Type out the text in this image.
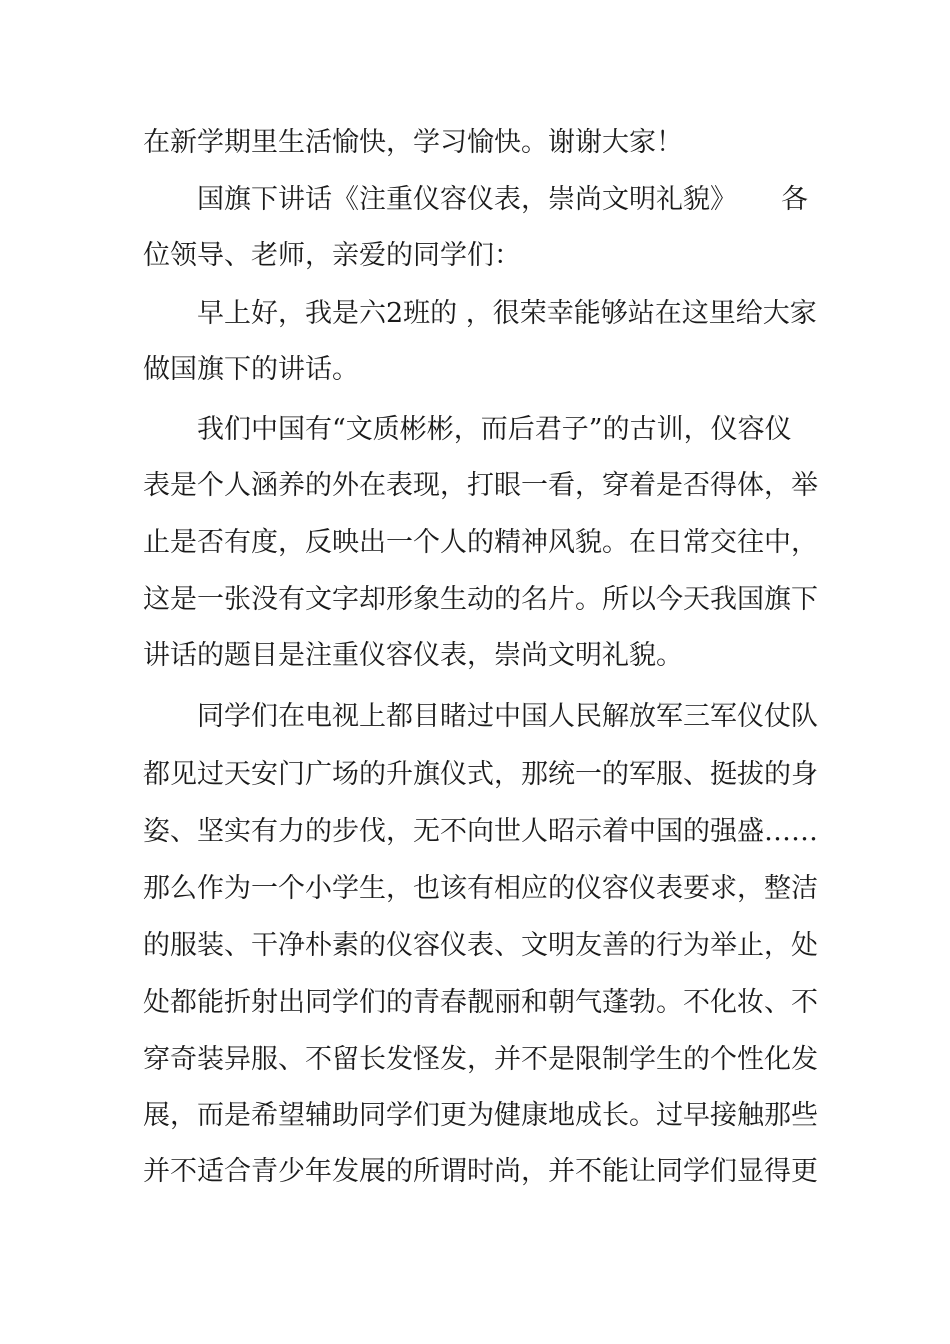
在新学期里生活愉快，学习愉快。谢谢大家！
国旗下讲话《注重仪容仪表，崇尚文明礼貌》 各
位领导、老师，亲爱的同学们：
早上好，我是六2班的 ，很荣幸能够站在这里给大家
做国旗下的讲话。
我们中国有“文质彬彬，而后君子”的古训，仪容仪
表是个人涵养的外在表现，打眼一看，穿着是否得体，举
止是否有度，反映出一个人的精神风貌。在日常交往中，
这是一张没有文字却形象生动的名片。所以今天我国旗下
讲话的题目是注重仪容仪表，崇尚文明礼貌。
同学们在电视上都目睹过中国人民解放军三军仪仗队
都见过天安门广场的升旗仪式，那统一的军服、挺拔的身
姿、坚实有力的步伐，无不向世人昭示着中国的强盛……
那么作为一个小学生，也该有相应的仪容仪表要求，整洁
的服装、干净朴素的仪容仪表、文明友善的行为举止，处
处都能折射出同学们的青春靓丽和朝气蓬勃。不化妆、不
穿奇装异服、不留长发怪发，并不是限制学生的个性化发
展，而是希望辅助同学们更为健康地成长。过早接触那些
并不适合青少年发展的所谓时尚，并不能让同学们显得更
